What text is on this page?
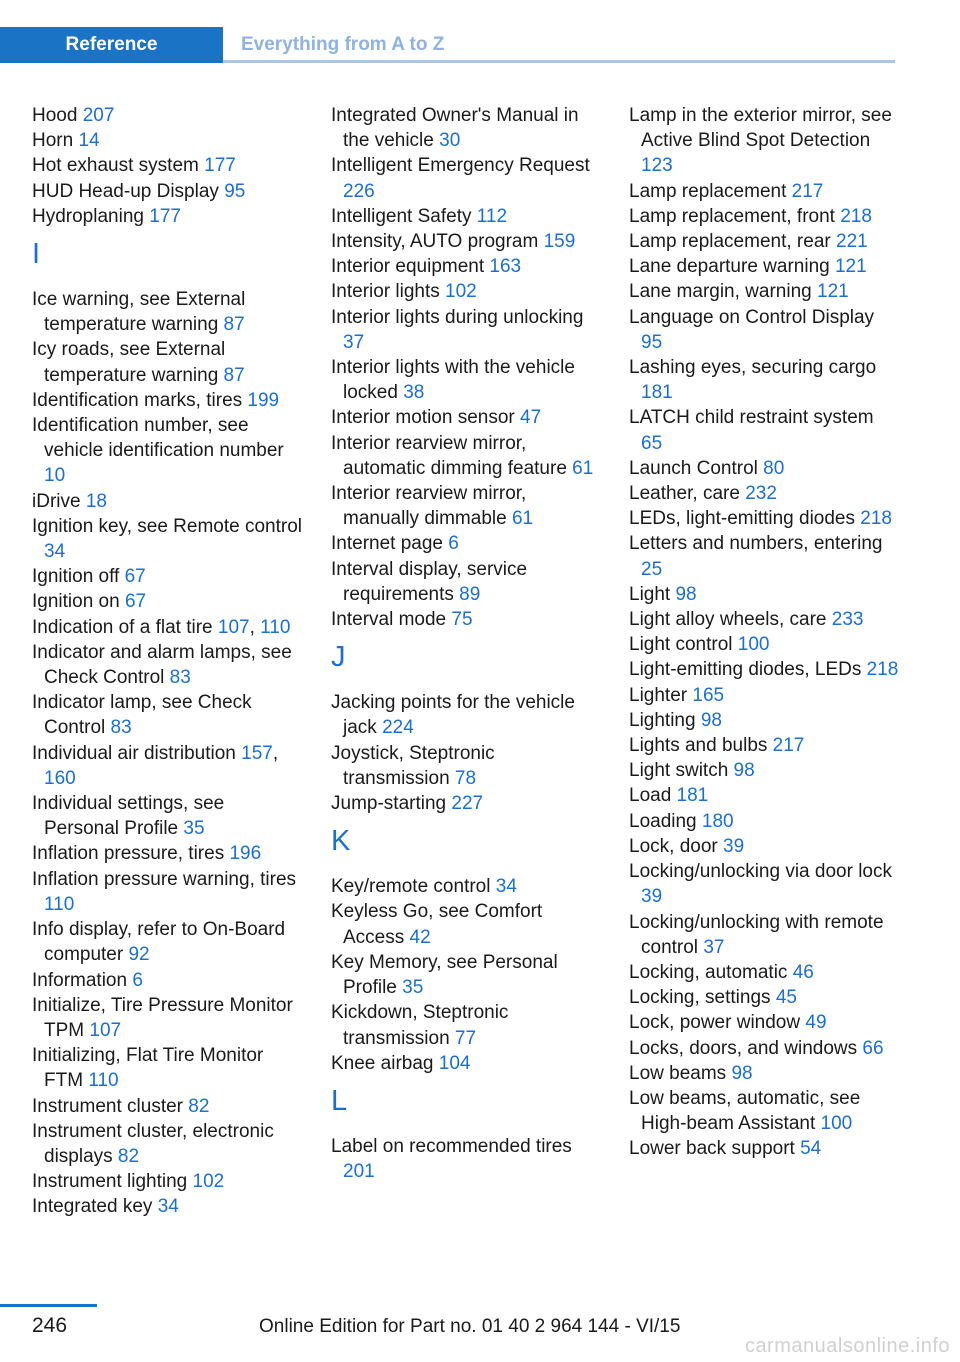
Reference	Everything from A to Z
Hood 207
Horn 14
Hot exhaust system 177
HUD Head-up Display 95
Hydroplaning 177
I
Ice warning, see External temperature warning 87
Icy roads, see External temperature warning 87
Identification marks, tires 199
Identification number, see vehicle identification number 10
iDrive 18
Ignition key, see Remote control 34
Ignition off 67
Ignition on 67
Indication of a flat tire 107, 110
Indicator and alarm lamps, see Check Control 83
Indicator lamp, see Check Control 83
Individual air distribution 157, 160
Individual settings, see Personal Profile 35
Inflation pressure, tires 196
Inflation pressure warning, tires 110
Info display, refer to On-Board computer 92
Information 6
Initialize, Tire Pressure Monitor TPM 107
Initializing, Flat Tire Monitor FTM 110
Instrument cluster 82
Instrument cluster, electronic displays 82
Instrument lighting 102
Integrated key 34
Integrated Owner's Manual in the vehicle 30
Intelligent Emergency Request 226
Intelligent Safety 112
Intensity, AUTO program 159
Interior equipment 163
Interior lights 102
Interior lights during unlocking 37
Interior lights with the vehicle locked 38
Interior motion sensor 47
Interior rearview mirror, automatic dimming feature 61
Interior rearview mirror, manually dimmable 61
Internet page 6
Interval display, service requirements 89
Interval mode 75
J
Jacking points for the vehicle jack 224
Joystick, Steptronic transmission 78
Jump-starting 227
K
Key/remote control 34
Keyless Go, see Comfort Access 42
Key Memory, see Personal Profile 35
Kickdown, Steptronic transmission 77
Knee airbag 104
L
Label on recommended tires 201
Lamp in the exterior mirror, see Active Blind Spot Detection 123
Lamp replacement 217
Lamp replacement, front 218
Lamp replacement, rear 221
Lane departure warning 121
Lane margin, warning 121
Language on Control Display 95
Lashing eyes, securing cargo 181
LATCH child restraint system 65
Launch Control 80
Leather, care 232
LEDs, light-emitting diodes 218
Letters and numbers, entering 25
Light 98
Light alloy wheels, care 233
Light control 100
Light-emitting diodes, LEDs 218
Lighter 165
Lighting 98
Lights and bulbs 217
Light switch 98
Load 181
Loading 180
Lock, door 39
Locking/unlocking via door lock 39
Locking/unlocking with remote control 37
Locking, automatic 46
Locking, settings 45
Lock, power window 49
Locks, doors, and windows 66
Low beams 98
Low beams, automatic, see High-beam Assistant 100
Lower back support 54
246	Online Edition for Part no. 01 40 2 964 144 - VI/15
carmanualsonline.info
